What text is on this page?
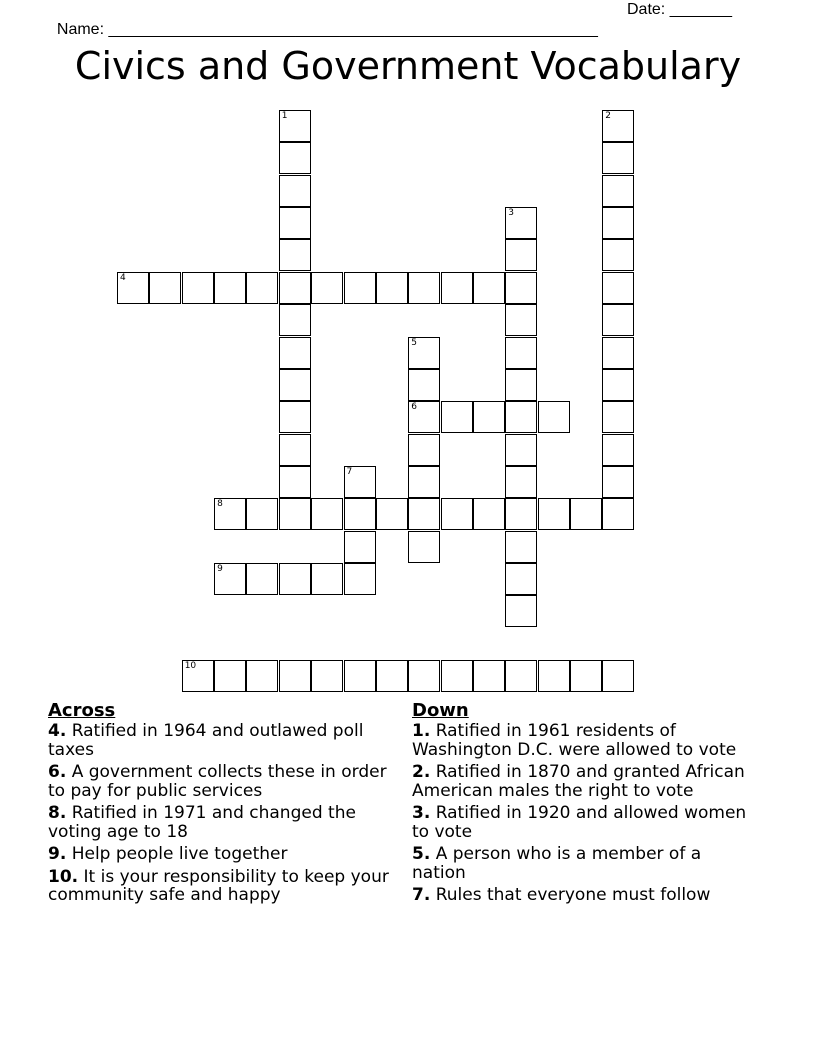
Name: _______________________________________________________

Date: _______

Civics and Government Vocabulary
1	2
3
4
5
6
7
8
9
10
Across
4. Ratified in 1964 and outlawed poll taxes
6. A government collects these in order to pay for public services
8. Ratified in 1971 and changed the voting age to 18
9. Help people live together
10. It is your responsibility to keep your community safe and happy
Down
1. Ratified in 1961 residents of Washington D.C. were allowed to vote
2. Ratified in 1870 and granted African American males the right to vote
3. Ratified in 1920 and allowed women to vote
5. A person who is a member of a nation
7. Rules that everyone must follow
